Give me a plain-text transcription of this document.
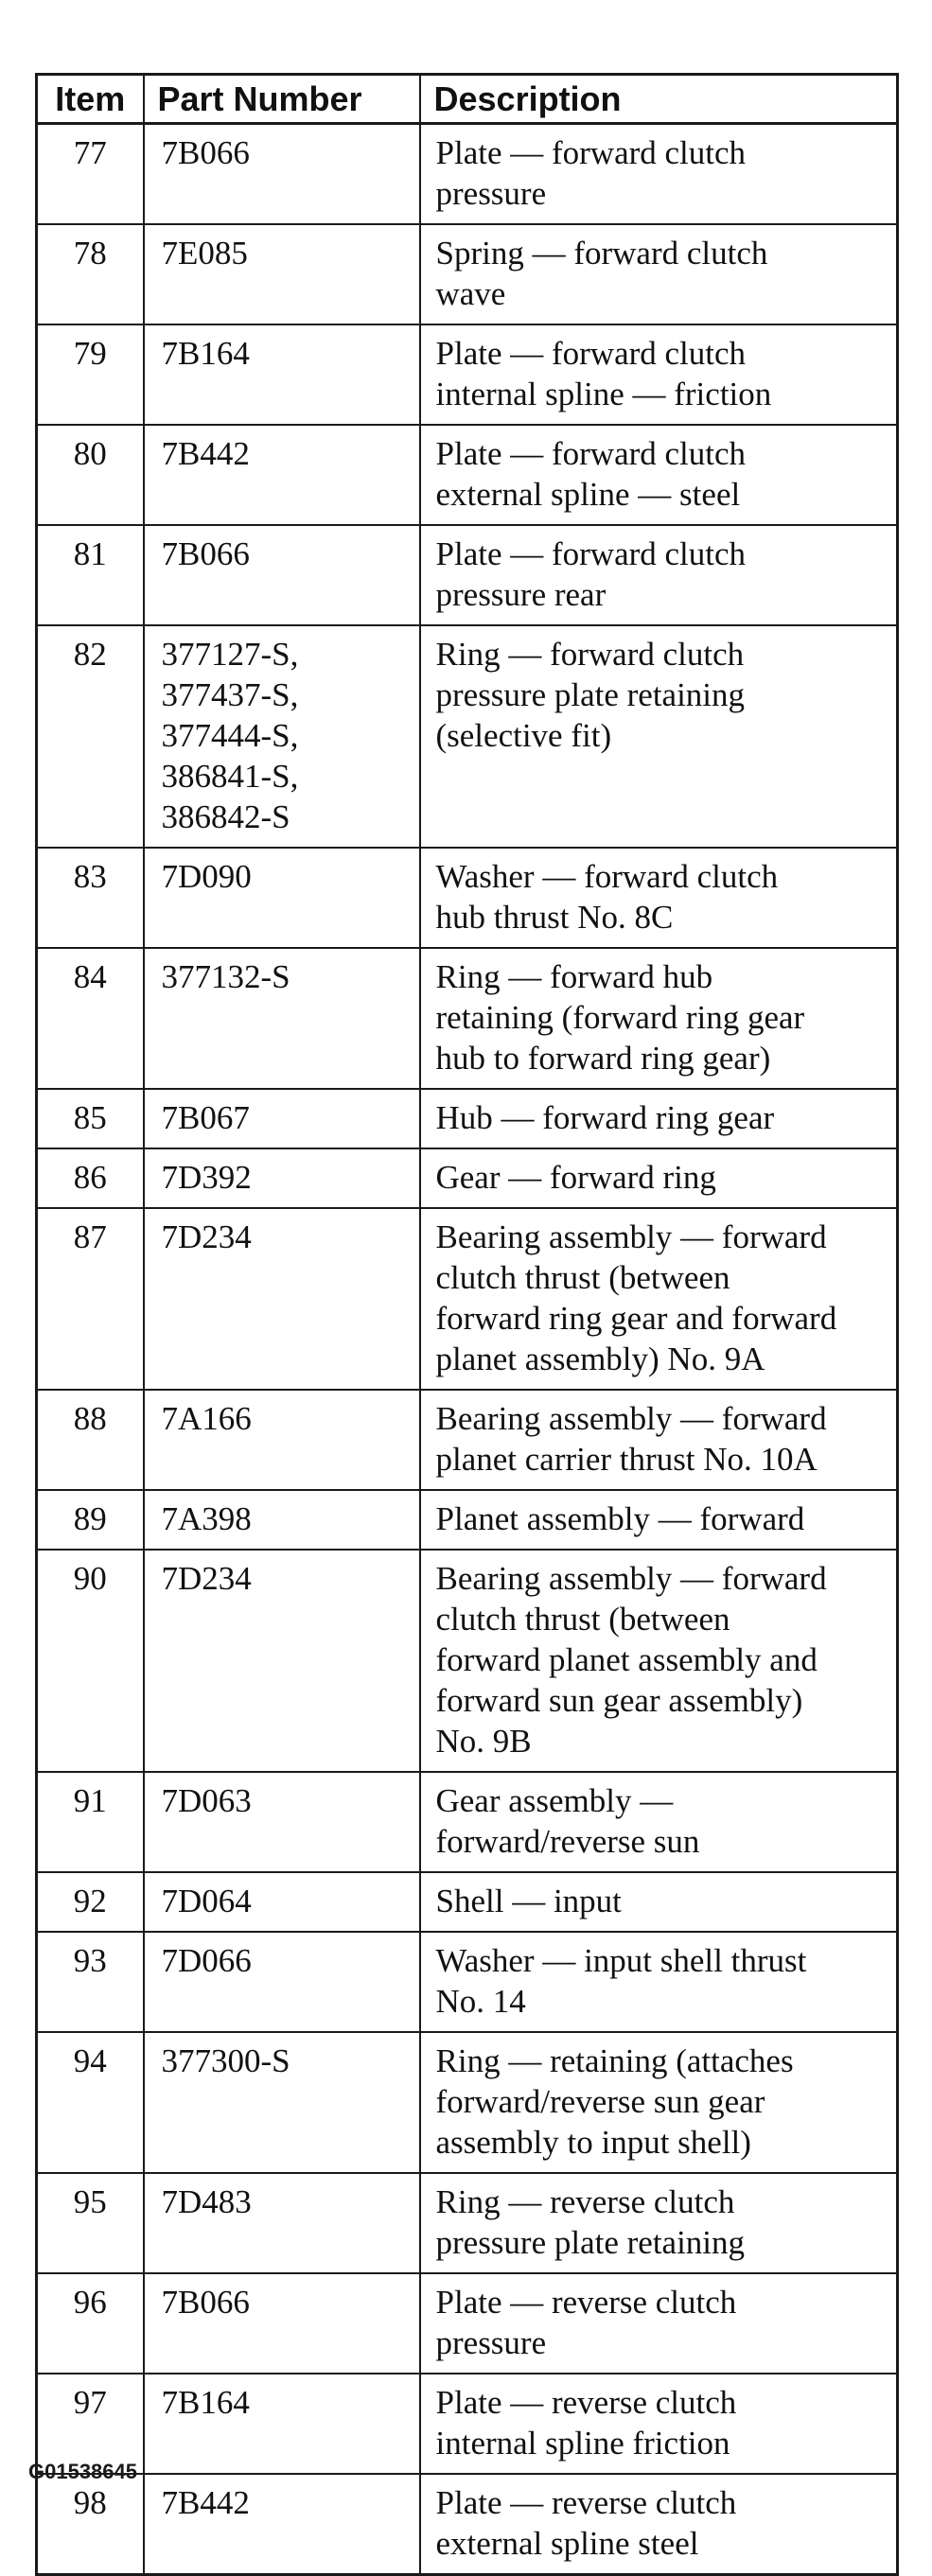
Item	Part Number	Description
77	7B066	Plate — forward clutch
pressure
78	7E085	Spring — forward clutch
wave
79	7B164	Plate — forward clutch
internal spline — friction
80	7B442	Plate — forward clutch
external spline — steel
81	7B066	Plate — forward clutch
pressure rear
82	377127-S,
377437-S,
377444-S,
386841-S,
386842-S	Ring — forward clutch
pressure plate retaining
(selective fit)
83	7D090	Washer — forward clutch
hub thrust No. 8C
84	377132-S	Ring — forward hub
retaining (forward ring gear
hub to forward ring gear)
85	7B067	Hub — forward ring gear
86	7D392	Gear — forward ring
87	7D234	Bearing assembly — forward
clutch thrust (between
forward ring gear and forward
planet assembly) No. 9A
88	7A166	Bearing assembly — forward
planet carrier thrust No. 10A
89	7A398	Planet assembly — forward
90	7D234	Bearing assembly — forward
clutch thrust (between
forward planet assembly and
forward sun gear assembly)
No. 9B
91	7D063	Gear assembly —
forward/reverse sun
92	7D064	Shell — input
93	7D066	Washer — input shell thrust
No. 14
94	377300-S	Ring — retaining (attaches
forward/reverse sun gear
assembly to input shell)
95	7D483	Ring — reverse clutch
pressure plate retaining
96	7B066	Plate — reverse clutch
pressure
97	7B164	Plate — reverse clutch
internal spline friction
98	7B442	Plate — reverse clutch
external spline steel
G01538645
